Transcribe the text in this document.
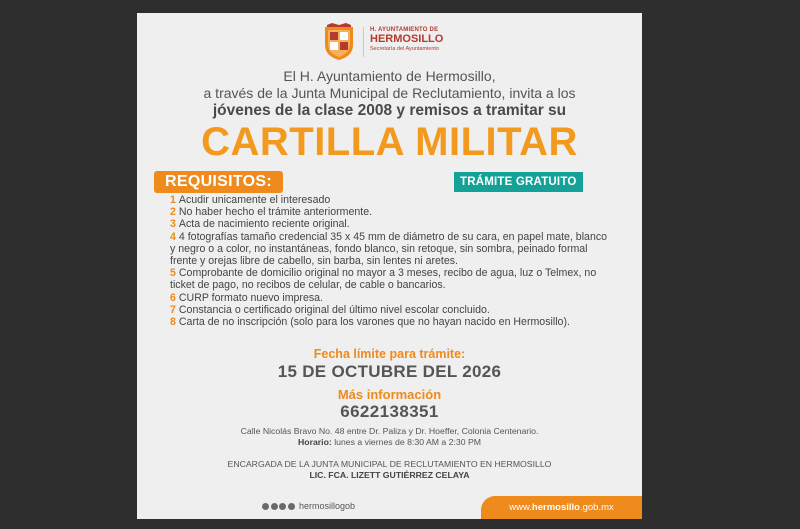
H. AYUNTAMIENTO DE
HERMOSILLO
Secretaría del Ayuntamiento
El H. Ayuntamiento de Hermosillo,
a través de la Junta Municipal de Reclutamiento, invita a los
jóvenes de la clase 2008 y remisos a tramitar su
CARTILLA MILITAR
REQUISITOS:	TRÁMITE GRATUITO
1 Acudir unicamente el interesado
2 No haber hecho el trámite anteriormente.
3 Acta de nacimiento reciente original.
4 4 fotografías tamaño credencial 35 x 45 mm de diámetro de su cara, en papel mate, blanco y negro o a color, no instantáneas, fondo blanco, sin retoque, sin sombra, peinado formal frente y orejas libre de cabello, sin barba, sin lentes ni aretes.
5 Comprobante de domicilio original no mayor a 3 meses, recibo de agua, luz o Telmex, no ticket de pago, no recibos de celular, de cable o bancarios.
6 CURP formato nuevo impresa.
7 Constancia o certificado original del último nivel escolar concluido.
8 Carta de no inscripción (solo para los varones que no hayan nacido en Hermosillo).
Fecha límite para trámite:
15 DE OCTUBRE DEL 2026
Más información
6622138351
Calle Nicolás Bravo No. 48 entre Dr. Paliza y Dr. Hoeffer, Colonia Centenario.
Horario: lunes a viernes de 8:30 AM a 2:30 PM
ENCARGADA DE LA JUNTA MUNICIPAL DE RECLUTAMIENTO EN HERMOSILLO
LIC. FCA. LIZETT GUTIÉRREZ CELAYA
hermosillogob	www. hermosillo .gob.mx
